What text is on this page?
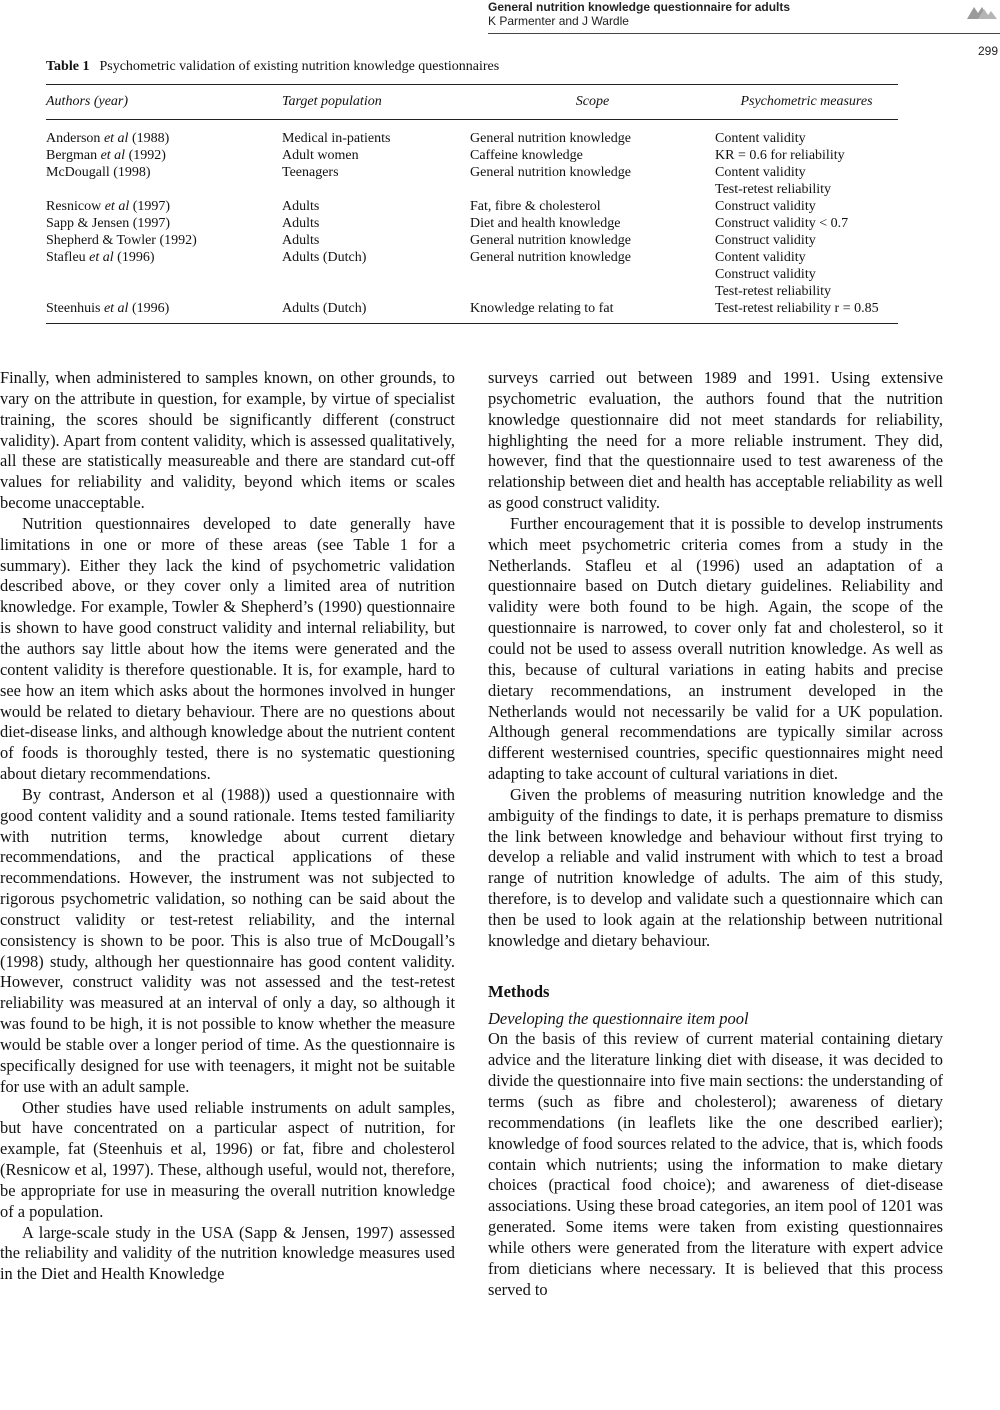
General nutrition knowledge questionnaire for adults
K Parmenter and J Wardle
299
Table 1 Psychometric validation of existing nutrition knowledge questionnaires
Authors (year)	Target population	Scope	Psychometric measures
Anderson et al (1988)	Medical in-patients	General nutrition knowledge	Content validity

Bergman et al (1992)	Adult women	Caffeine knowledge	KR = 0.6 for reliability

McDougall (1998)	Teenagers	General nutrition knowledge	Content validity
Test-retest reliability

Resnicow et al (1997)	Adults	Fat, fibre & cholesterol	Construct validity

Sapp & Jensen (1997)	Adults	Diet and health knowledge	Construct validity < 0.7

Shepherd & Towler (1992)	Adults	General nutrition knowledge	Construct validity

Stafleu et al (1996)	Adults (Dutch)	General nutrition knowledge	Content validity
Construct validity
Test-retest reliability

Steenhuis et al (1996)	Adults (Dutch)	Knowledge relating to fat	Test-retest reliability r = 0.85

Finally, when administered to samples known, on other grounds, to vary on the attribute in question, for example, by virtue of specialist training, the scores should be significantly different (construct validity). Apart from content validity, which is assessed qualitatively, all these are statistically measureable and there are standard cut-off values for reliability and validity, beyond which items or scales become unacceptable.

Nutrition questionnaires developed to date generally have limitations in one or more of these areas (see Table 1 for a summary). Either they lack the kind of psychometric validation described above, or they cover only a limited area of nutrition knowledge. For example, Towler & Shepherd’s (1990) questionnaire is shown to have good construct validity and internal reliability, but the authors say little about how the items were generated and the content validity is therefore questionable. It is, for example, hard to see how an item which asks about the hormones involved in hunger would be related to dietary behaviour. There are no questions about diet-disease links, and although knowledge about the nutrient content of foods is thoroughly tested, there is no systematic questioning about dietary recommendations.

By contrast, Anderson et al (1988)) used a questionnaire with good content validity and a sound rationale. Items tested familiarity with nutrition terms, knowledge about current dietary recommendations, and the practical applications of these recommendations. However, the instrument was not subjected to rigorous psychometric validation, so nothing can be said about the construct validity or test-retest reliability, and the internal consistency is shown to be poor. This is also true of McDougall’s (1998) study, although her questionnaire has good content validity. However, construct validity was not assessed and the test-retest reliability was measured at an interval of only a day, so although it was found to be high, it is not possible to know whether the measure would be stable over a longer period of time. As the questionnaire is specifically designed for use with teenagers, it might not be suitable for use with an adult sample.

Other studies have used reliable instruments on adult samples, but have concentrated on a particular aspect of nutrition, for example, fat (Steenhuis et al, 1996) or fat, fibre and cholesterol (Resnicow et al, 1997). These, although useful, would not, therefore, be appropriate for use in measuring the overall nutrition knowledge of a population.

A large-scale study in the USA (Sapp & Jensen, 1997) assessed the reliability and validity of the nutrition knowledge measures used in the Diet and Health Knowledge

surveys carried out between 1989 and 1991. Using extensive psychometric evaluation, the authors found that the nutrition knowledge questionnaire did not meet standards for reliability, highlighting the need for a more reliable instrument. They did, however, find that the questionnaire used to test awareness of the relationship between diet and health has acceptable reliability as well as good construct validity.

Further encouragement that it is possible to develop instruments which meet psychometric criteria comes from a study in the Netherlands. Stafleu et al (1996) used an adaptation of a questionnaire based on Dutch dietary guidelines. Reliability and validity were both found to be high. Again, the scope of the questionnaire is narrowed, to cover only fat and cholesterol, so it could not be used to assess overall nutrition knowledge. As well as this, because of cultural variations in eating habits and precise dietary recommendations, an instrument developed in the Netherlands would not necessarily be valid for a UK population. Although general recommendations are typically similar across different westernised countries, specific questionnaires might need adapting to take account of cultural variations in diet.

Given the problems of measuring nutrition knowledge and the ambiguity of the findings to date, it is perhaps premature to dismiss the link between knowledge and behaviour without first trying to develop a reliable and valid instrument with which to test a broad range of nutrition knowledge of adults. The aim of this study, therefore, is to develop and validate such a questionnaire which can then be used to look again at the relationship between nutritional knowledge and dietary behaviour.

Methods
Developing the questionnaire item pool

On the basis of this review of current material containing dietary advice and the literature linking diet with disease, it was decided to divide the questionnaire into five main sections: the understanding of terms (such as fibre and cholesterol); awareness of dietary recommendations (in leaflets like the one described earlier); knowledge of food sources related to the advice, that is, which foods contain which nutrients; using the information to make dietary choices (practical food choice); and awareness of diet-disease associations. Using these broad categories, an item pool of 1201 was generated. Some items were taken from existing questionnaires while others were generated from the literature with expert advice from dieticians where necessary. It is believed that this process served to
